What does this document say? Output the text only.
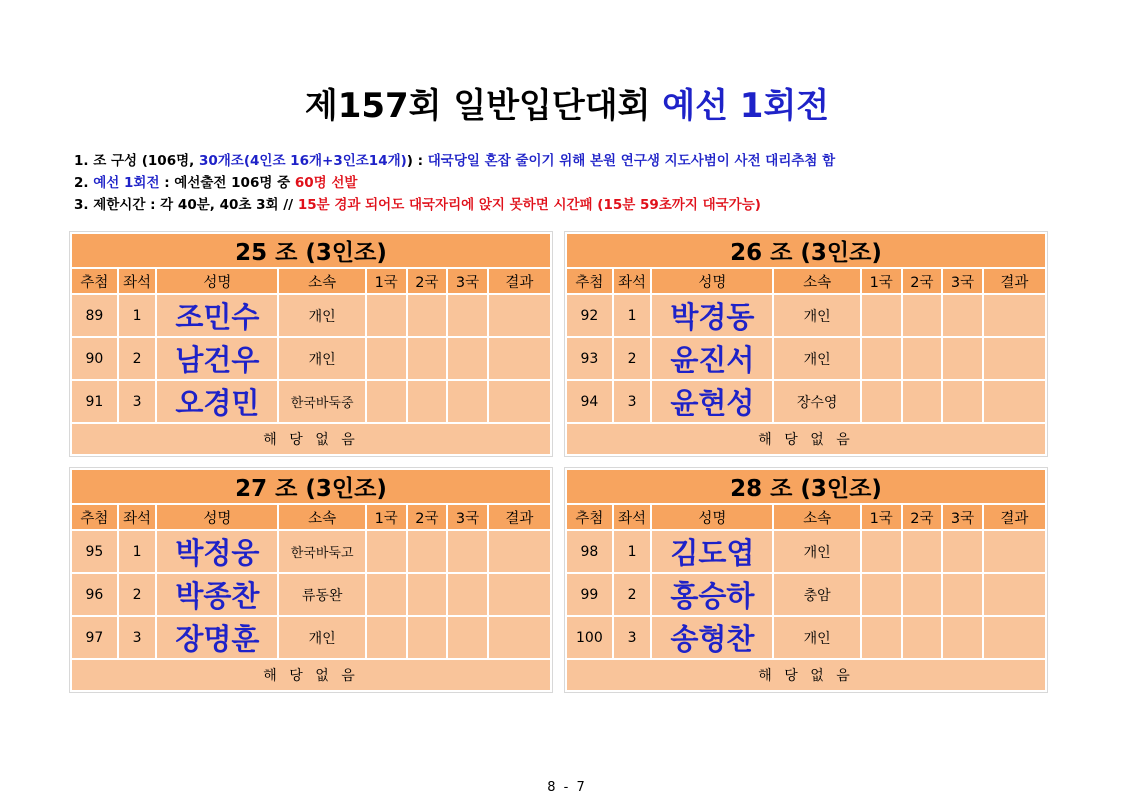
제157회 일반입단대회 예선 1회전
1. 조 구성 (106명, 30개조(4인조 16개+3인조14개)) : 대국당일 혼잡 줄이기 위해 본원 연구생 지도사범이 사전 대리추첨 함
2. 예선 1회전 : 예선출전 106명 중 60명 선발
3. 제한시간 : 각 40분, 40초 3회 // 15분 경과 되어도 대국자리에 앉지 못하면 시간패 (15분 59초까지 대국가능)
25 조 (3인조)							
추첨	좌석	성명	소속	1국	2국	3국	결과
89	1	조민수	개인				
90	2	남건우	개인				
91	3	오경민	한국바둑중				
해 당 없 음							
26 조 (3인조)							
추첨	좌석	성명	소속	1국	2국	3국	결과
92	1	박경동	개인				
93	2	윤진서	개인				
94	3	윤현성	장수영				
해 당 없 음							
27 조 (3인조)							
추첨	좌석	성명	소속	1국	2국	3국	결과
95	1	박정웅	한국바둑고				
96	2	박종찬	류동완				
97	3	장명훈	개인				
해 당 없 음							
28 조 (3인조)							
추첨	좌석	성명	소속	1국	2국	3국	결과
98	1	김도엽	개인				
99	2	홍승하	충암				
100	3	송형찬	개인				
해 당 없 음							
8 - 7
